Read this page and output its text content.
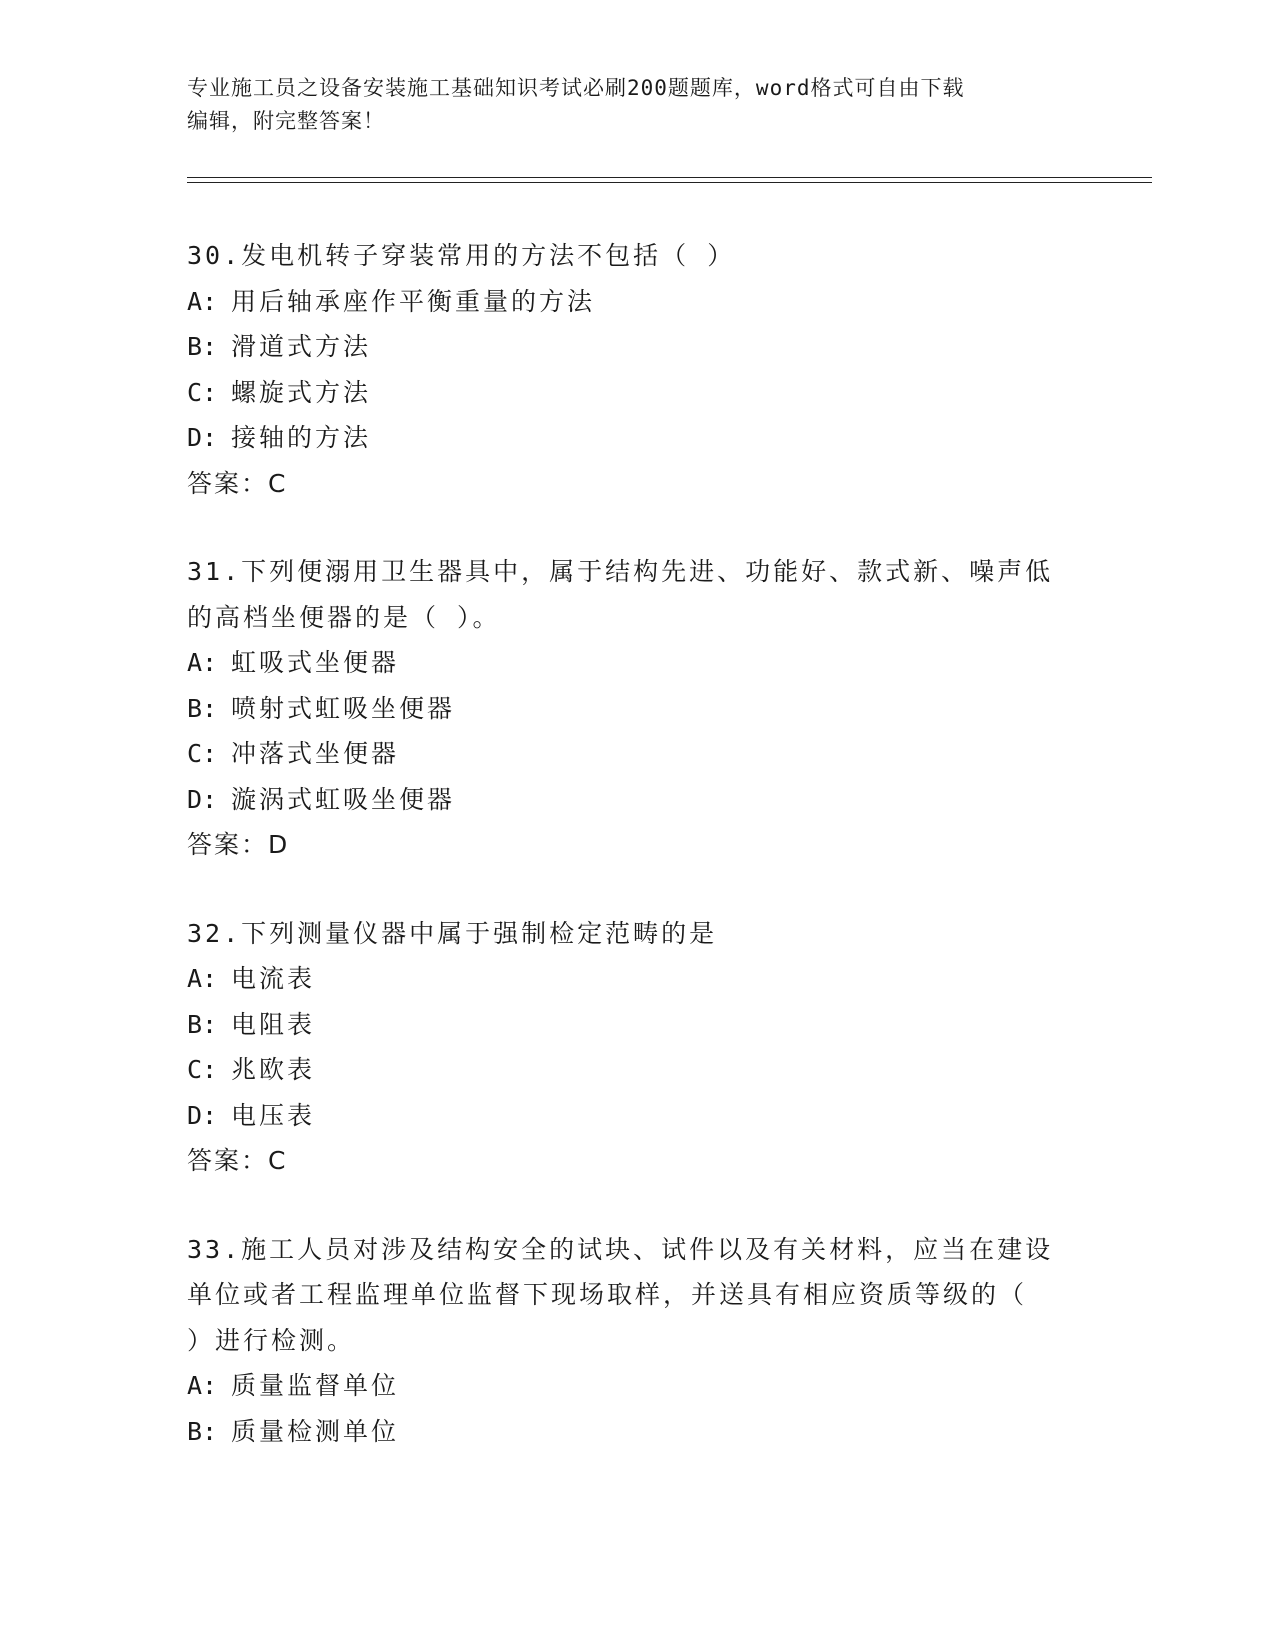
专业施工员之设备安装施工基础知识考试必刷200题题库，word格式可自由下载
编辑，附完整答案！
30.发电机转子穿装常用的方法不包括（ ）
A: 用后轴承座作平衡重量的方法
B: 滑道式方法
C: 螺旋式方法
D: 接轴的方法
答案：C
31.下列便溺用卫生器具中，属于结构先进、功能好、款式新、噪声低
的高档坐便器的是（ ）。
A: 虹吸式坐便器
B: 喷射式虹吸坐便器
C: 冲落式坐便器
D: 漩涡式虹吸坐便器
答案：D
32.下列测量仪器中属于强制检定范畴的是
A: 电流表
B: 电阻表
C: 兆欧表
D: 电压表
答案：C
33.施工人员对涉及结构安全的试块、试件以及有关材料，应当在建设
单位或者工程监理单位监督下现场取样，并送具有相应资质等级的（
）进行检测。
A: 质量监督单位
B: 质量检测单位
